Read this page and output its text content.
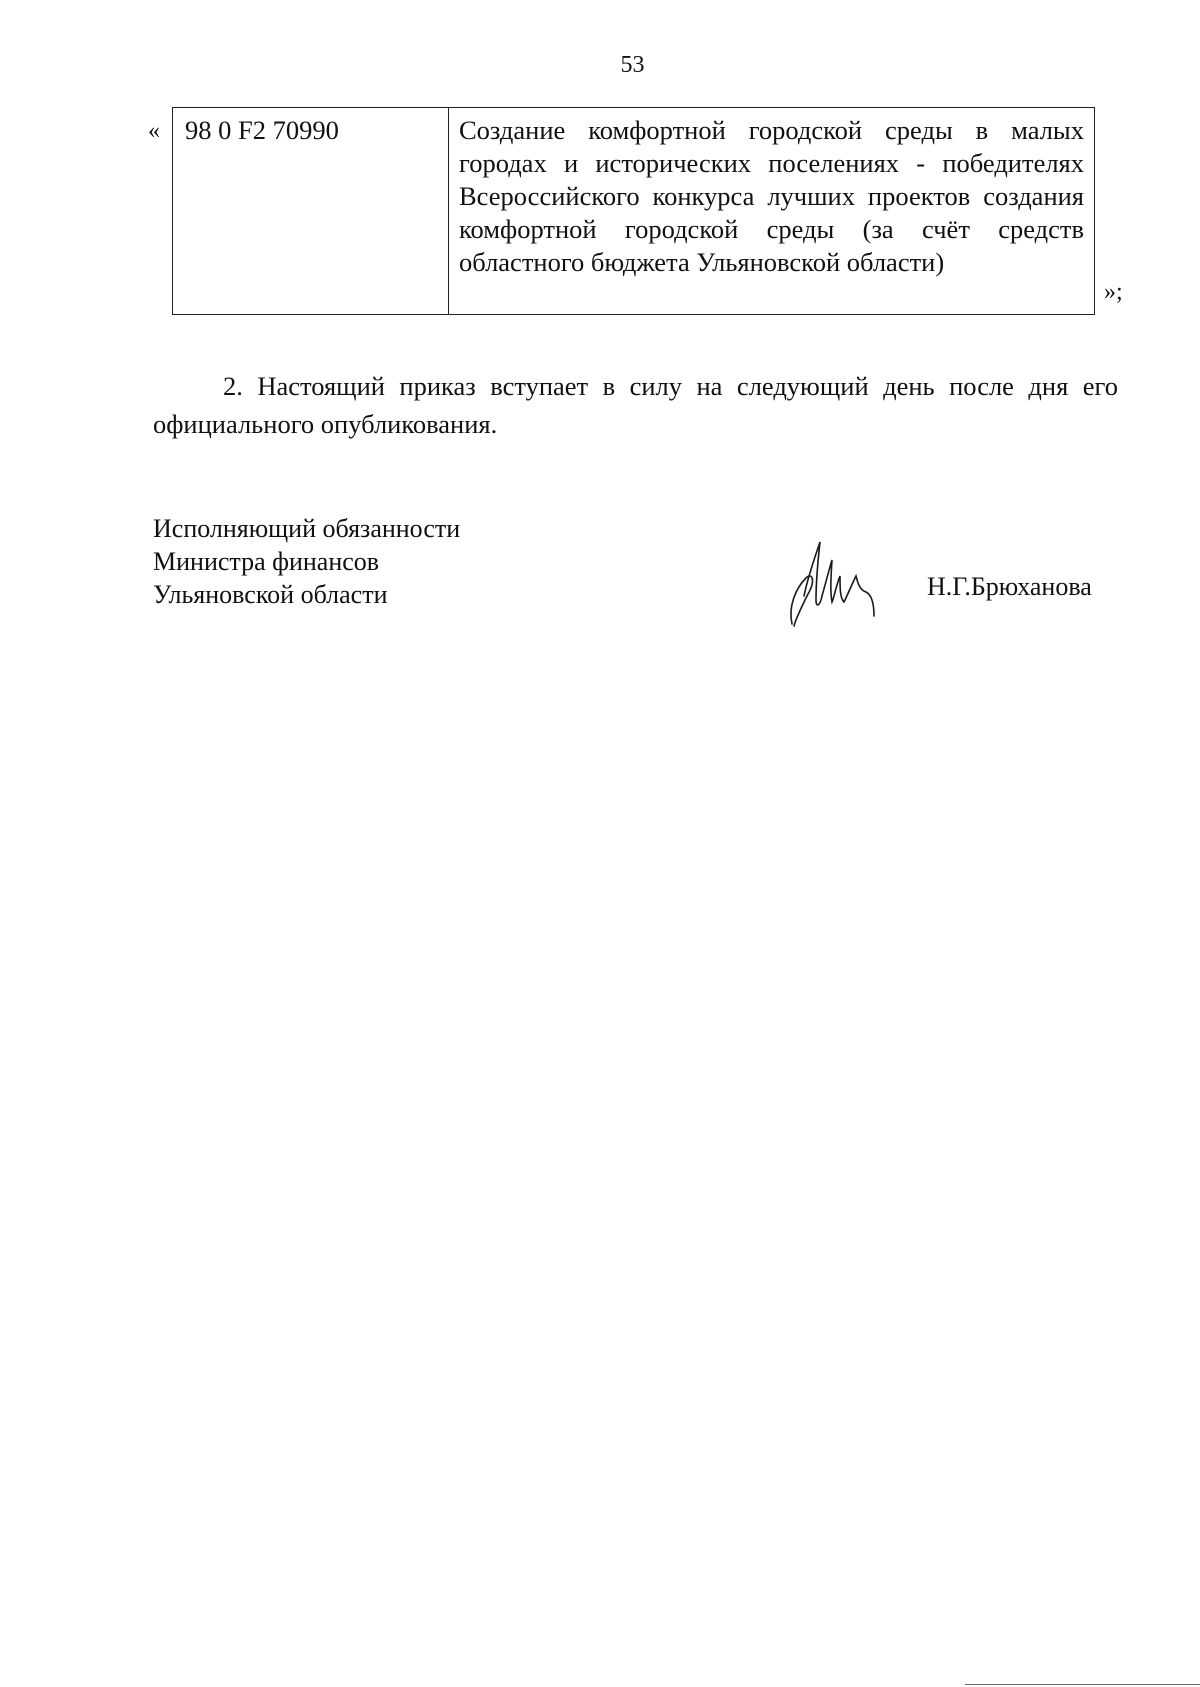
53
« 98 0 F2 70990	Создание комфортной городской среды в малых городах и исторических поселениях - победителях Всероссийского конкурса лучших проектов создания комфортной городской среды (за счёт средств областного бюджета Ульяновской области)
»;

2. Настоящий приказ вступает в силу на следующий день после дня его официального опубликования.

Исполняющий обязанности
Министра финансов
Ульяновской области	Н.Г.Брюханова
